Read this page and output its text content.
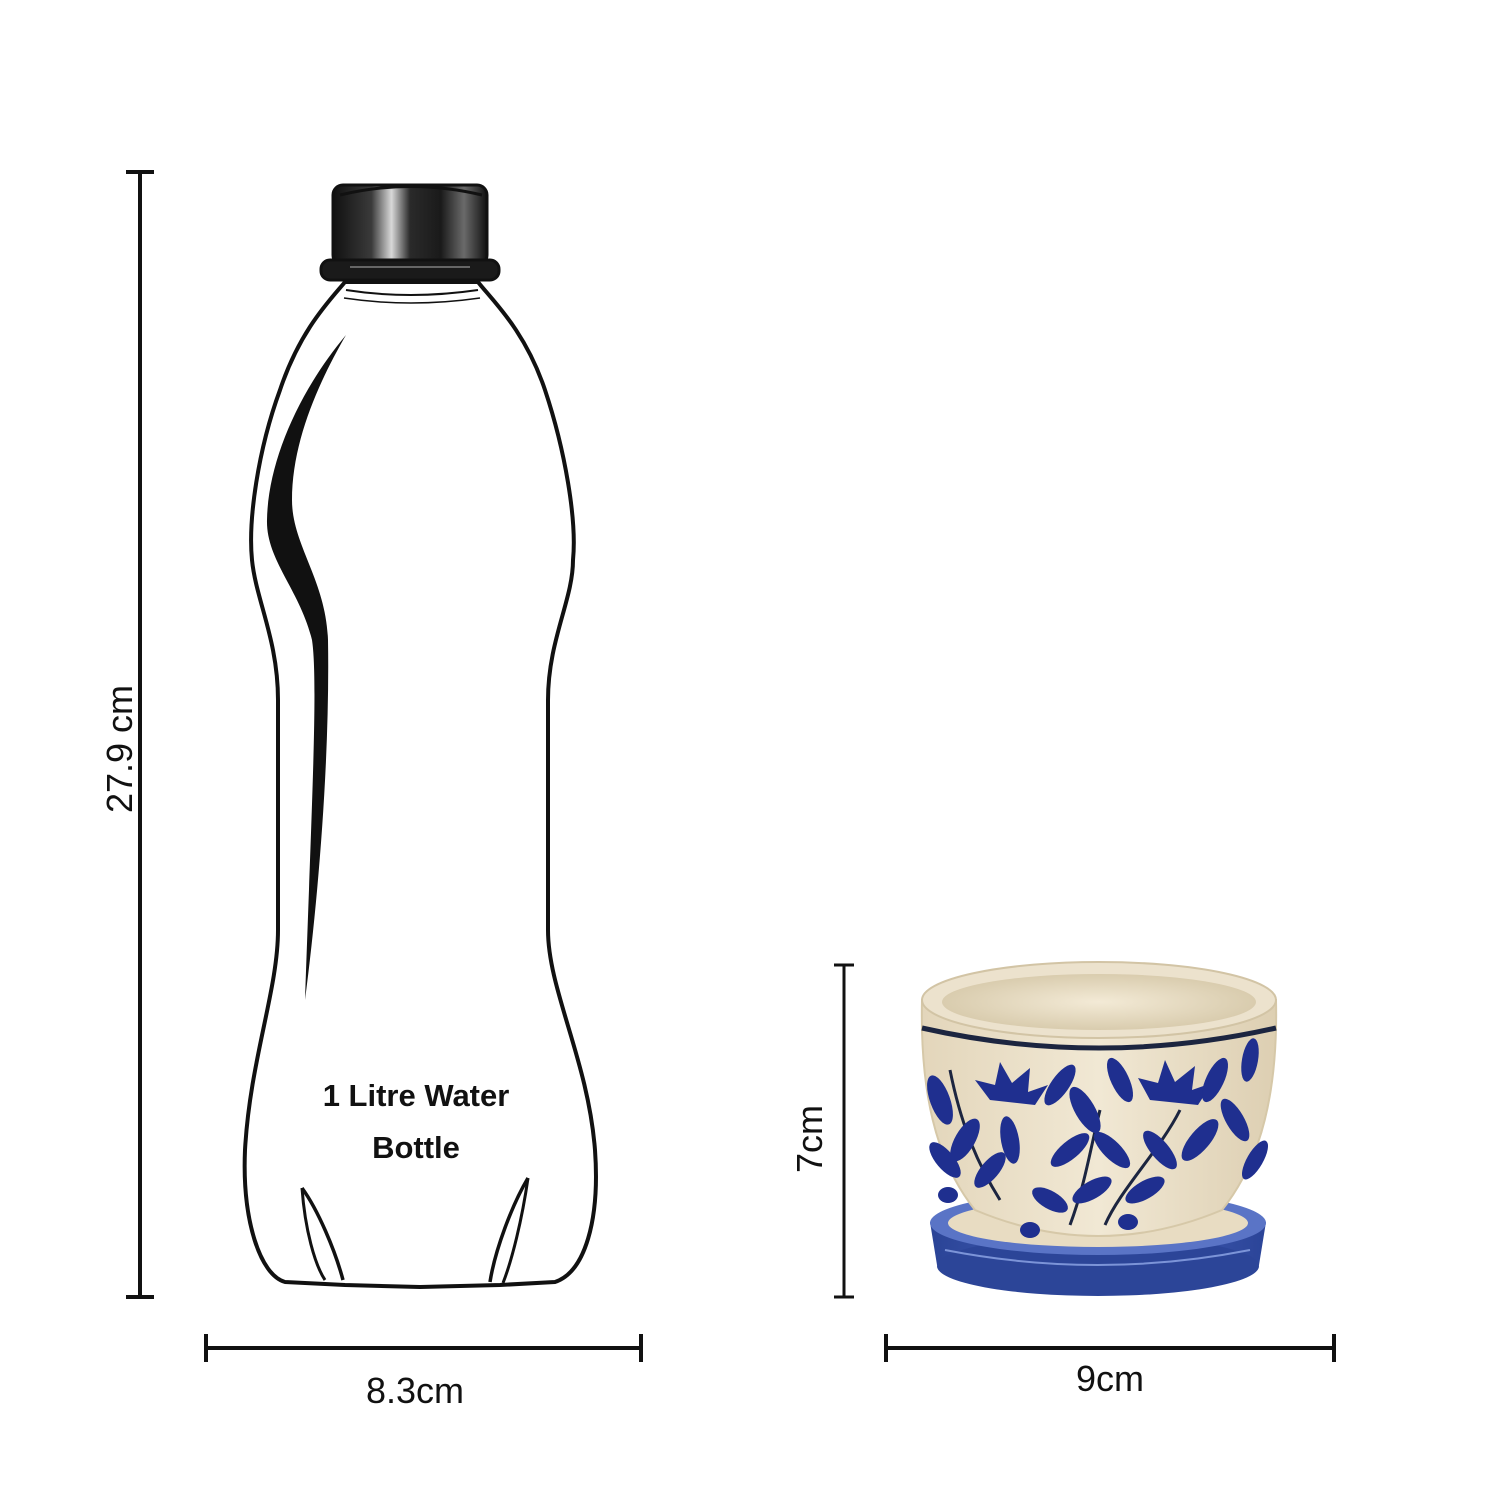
27.9 cm
8.3cm
1 Litre Water
Bottle	7cm
9cm
